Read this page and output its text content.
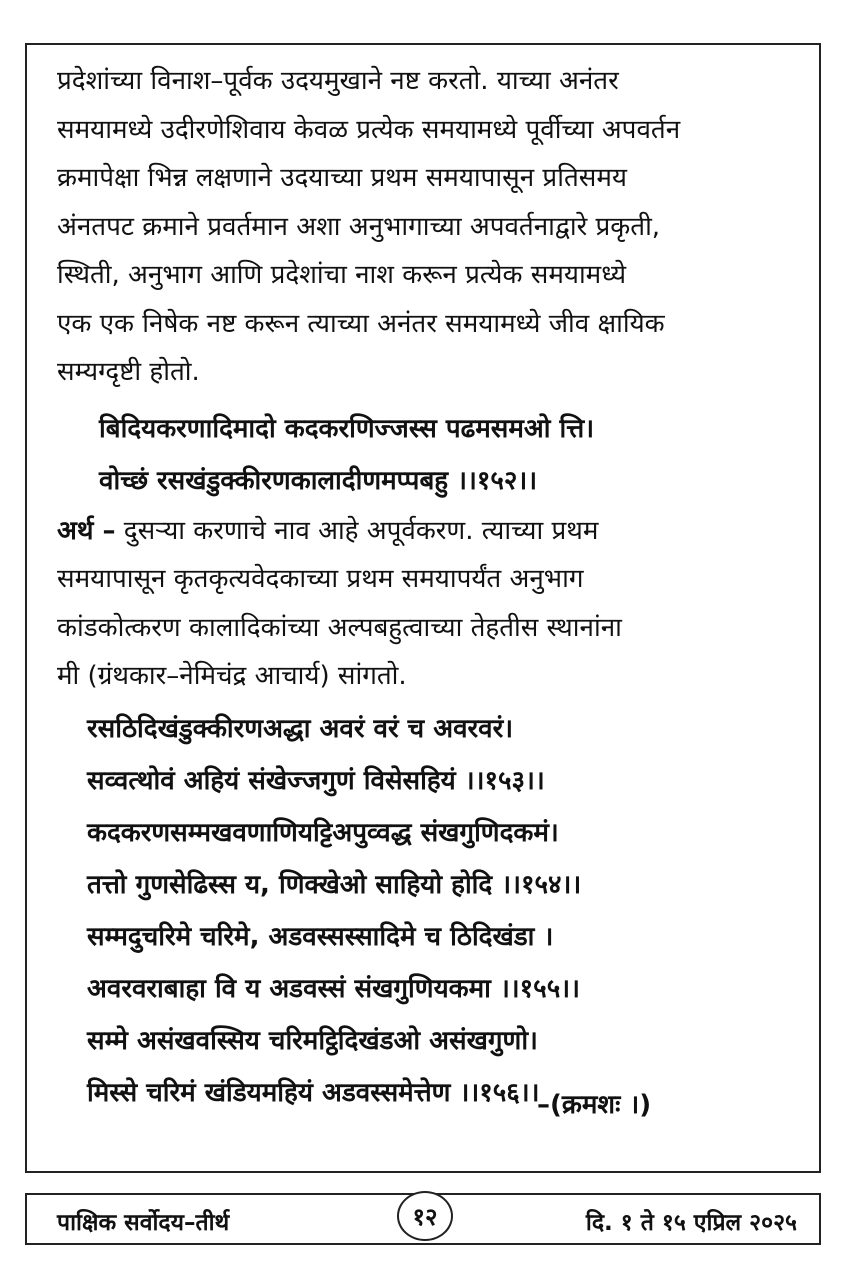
प्रदेशांच्या विनाश–पूर्वक उदयमुखाने नष्ट करतो. याच्या अनंतर
समयामध्ये उदीरणेशिवाय केवळ प्रत्येक समयामध्ये पूर्वीच्या अपवर्तन
क्रमापेक्षा भिन्न लक्षणाने उदयाच्या प्रथम समयापासून प्रतिसमय
अंनतपट क्रमाने प्रवर्तमान अशा अनुभागाच्या अपवर्तनाद्वारे प्रकृती,
स्थिती, अनुभाग आणि प्रदेशांचा नाश करून प्रत्येक समयामध्ये
एक एक निषेक नष्ट करून त्याच्या अनंतर समयामध्ये जीव क्षायिक
सम्यग्दृष्टी होतो.
बिदियकरणादिमादो कदकरणिज्जस्स पढमसमओ त्ति।
वोच्छं रसखंडुक्कीरणकालादीणमप्पबहु ।।१५२।।
अर्थ – दुसऱ्या करणाचे नाव आहे अपूर्वकरण. त्याच्या प्रथम
समयापासून कृतकृत्यवेदकाच्या प्रथम समयापर्यंत अनुभाग
कांडकोत्करण कालादिकांच्या अल्पबहुत्वाच्या तेहतीस स्थानांना
मी (ग्रंथकार–नेमिचंद्र आचार्य) सांगतो.
रसठिदिखंडुक्कीरणअद्धा अवरं वरं च अवरवरं।
सव्वत्थोवं अहियं संखेज्जगुणं विसेसहियं ।।१५३।।
कदकरणसम्मखवणाणियट्टिअपुव्वद्ध संखगुणिदकमं।
तत्तो गुणसेढिस्स य, णिक्खेओ साहियो होदि ।।१५४।।
सम्मदुचरिमे चरिमे, अडवस्सस्सादिमे च ठिदिखंडा ।
अवरवराबाहा वि य अडवस्सं संखगुणियकमा ।।१५५।।
सम्मे असंखवस्सिय चरिमट्ठिदिखंडओ असंखगुणो।
मिस्से चरिमं खंडियमहियं अडवस्समेत्तेण ।।१५६।।
–(क्रमशः ।)
पाक्षिक सर्वोदय–तीर्थ	१२	दि. १ ते १५ एप्रिल २०२५
